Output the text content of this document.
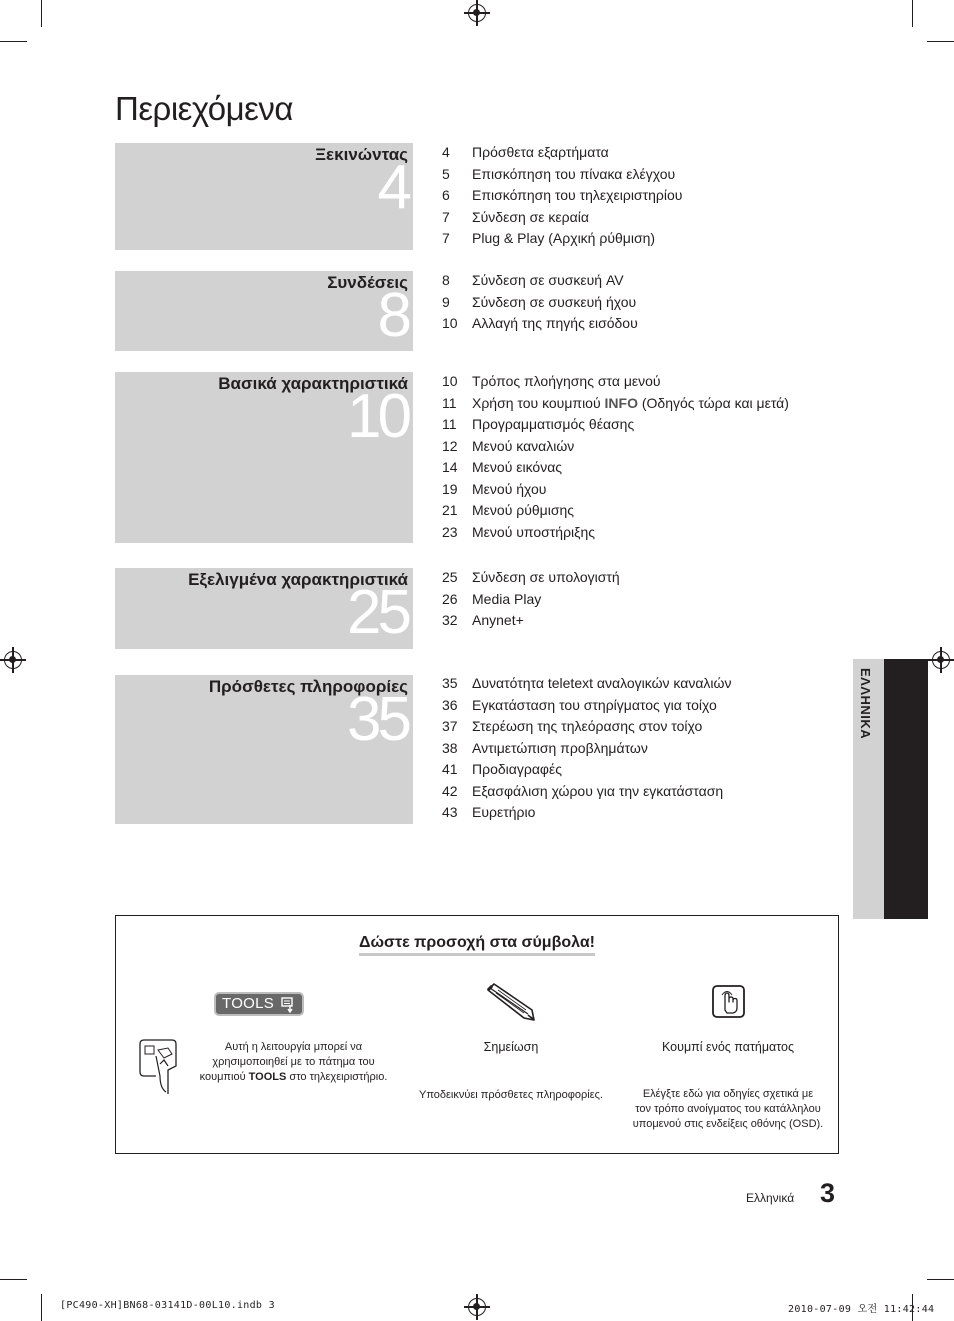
Περιεχόμενα
Ξεκινώντας
4
4	Πρόσθετα εξαρτήματα
5	Επισκόπηση του πίνακα ελέγχου
6	Επισκόπηση του τηλεχειριστηρίου
7	Σύνδεση σε κεραία
7	Plug & Play (Αρχική ρύθμιση)
Συνδέσεις
8
8	Σύνδεση σε συσκευή AV
9	Σύνδεση σε συσκευή ήχου
10	Αλλαγή της πηγής εισόδου
Βασικά χαρακτηριστικά
10
10	Τρόπος πλοήγησης στα μενού
11	Χρήση του κουμπιού INFO (Οδηγός τώρα και μετά)
11	Προγραμματισμός θέασης
12	Μενού καναλιών
14	Μενού εικόνας
19	Μενού ήχου
21	Μενού ρύθμισης
23	Μενού υποστήριξης
Εξελιγμένα χαρακτηριστικά
25
25	Σύνδεση σε υπολογιστή
26	Media Play
32	Anynet+
Πρόσθετες πληροφορίες
35
35	Δυνατότητα teletext αναλογικών καναλιών
36	Εγκατάσταση του στηρίγματος για τοίχο
37	Στερέωση της τηλεόρασης στον τοίχο
38	Αντιμετώπιση προβλημάτων
41	Προδιαγραφές
42	Εξασφάλιση χώρου για την εγκατάσταση
43	Ευρετήριο
ΕΛΛΗΝΙΚΑ
Δώστε προσοχή στα σύμβολα!
TOOLS
Αυτή η λειτουργία μπορεί να
χρησιμοποιηθεί με το πάτημα του
κουμπιού TOOLS στο τηλεχειριστήριο.
Σημείωση
Υποδεικνύει πρόσθετες πληροφορίες.
Κουμπί ενός πατήματος
Ελέγξτε εδώ για οδηγίες σχετικά με
τον τρόπο ανοίγματος του κατάλληλου
υπομενού στις ενδείξεις οθόνης (OSD).
Ελληνικά 3
[PC490-XH]BN68-03141D-00L10.indb 3	2010-07-09 오전 11:42:44
